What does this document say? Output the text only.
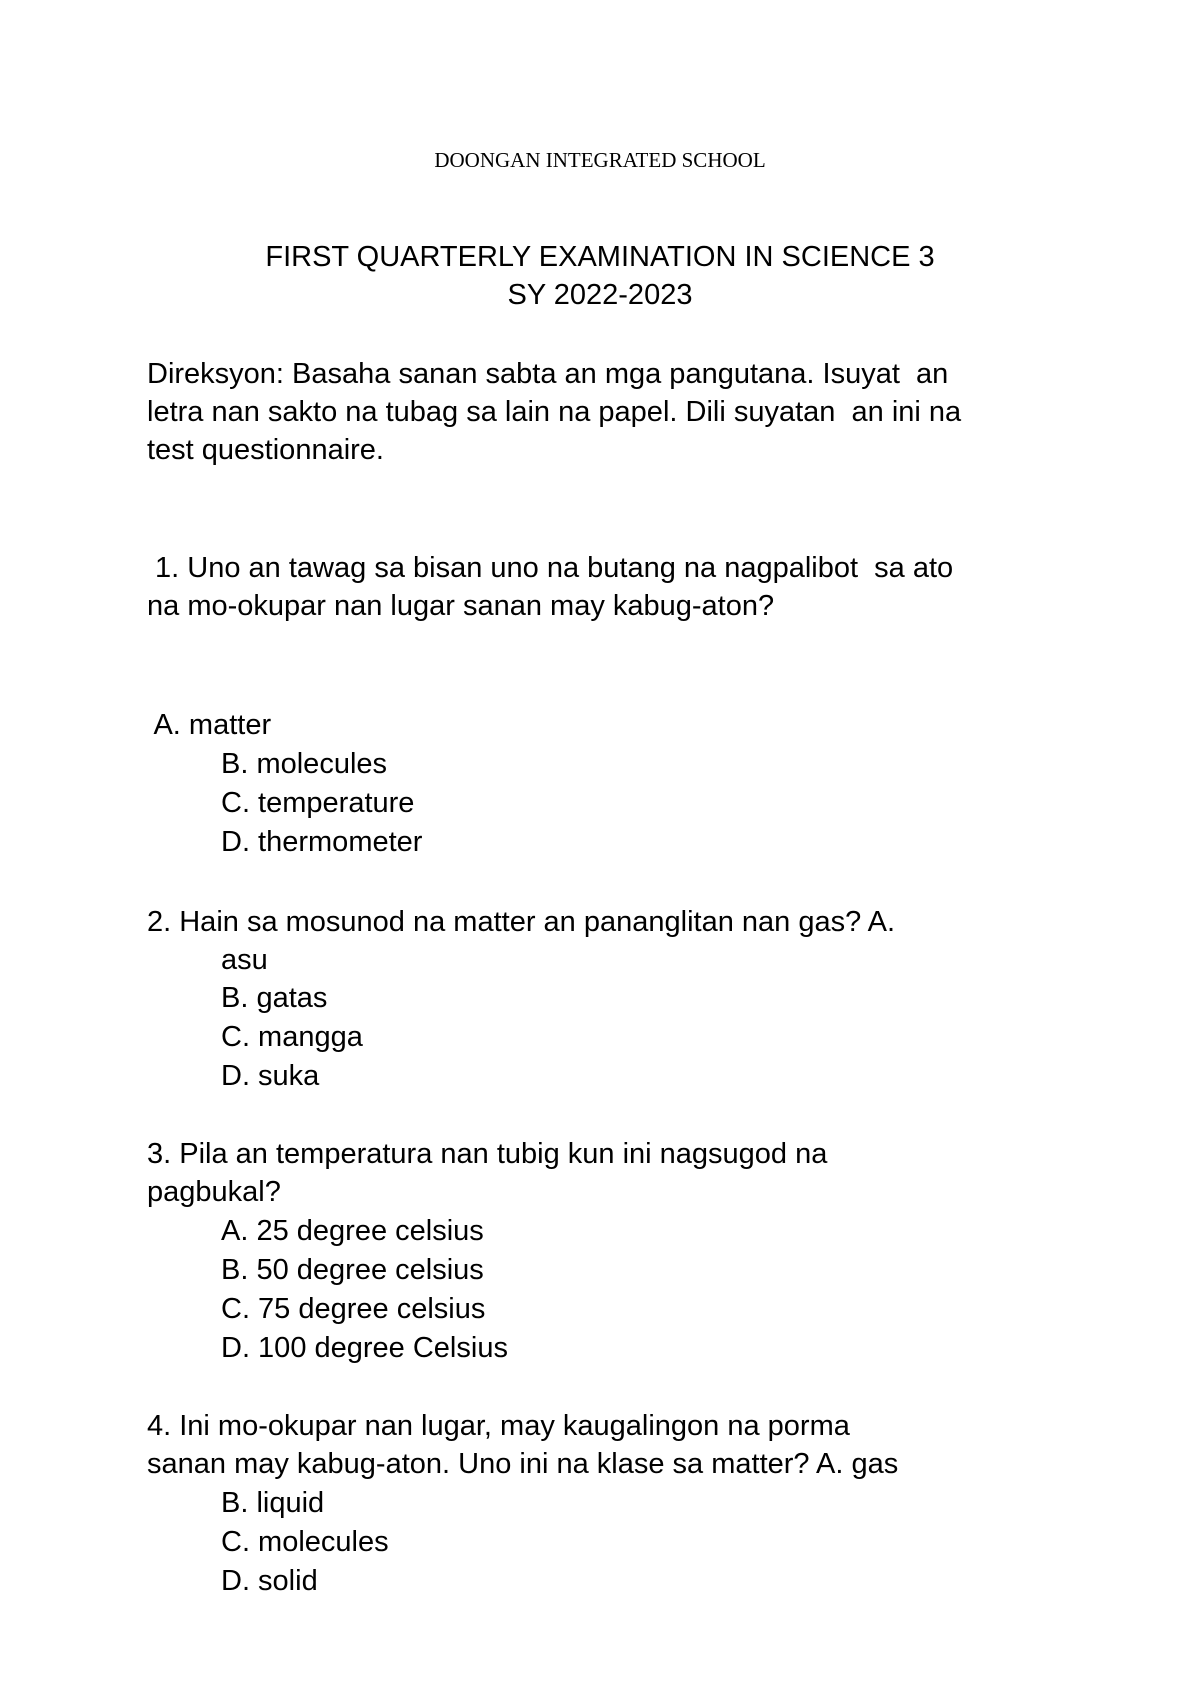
DOONGAN INTEGRATED SCHOOL
FIRST QUARTERLY EXAMINATION IN SCIENCE 3
SY 2022-2023
Direksyon: Basaha sanan sabta an mga pangutana. Isuyat  an
letra nan sakto na tubag sa lain na papel. Dili suyatan  an ini na
test questionnaire.
1. Uno an tawag sa bisan uno na butang na nagpalibot  sa ato
na mo-okupar nan lugar sanan may kabug-aton?
A. matter
B. molecules
C. temperature
D. thermometer
2. Hain sa mosunod na matter an pananglitan nan gas? A.
asu
B. gatas
C. mangga
D. suka
3. Pila an temperatura nan tubig kun ini nagsugod na
pagbukal?
A. 25 degree celsius
B. 50 degree celsius
C. 75 degree celsius
D. 100 degree Celsius
4. Ini mo-okupar nan lugar, may kaugalingon na porma
sanan may kabug-aton. Uno ini na klase sa matter? A. gas
B. liquid
C. molecules
D. solid
